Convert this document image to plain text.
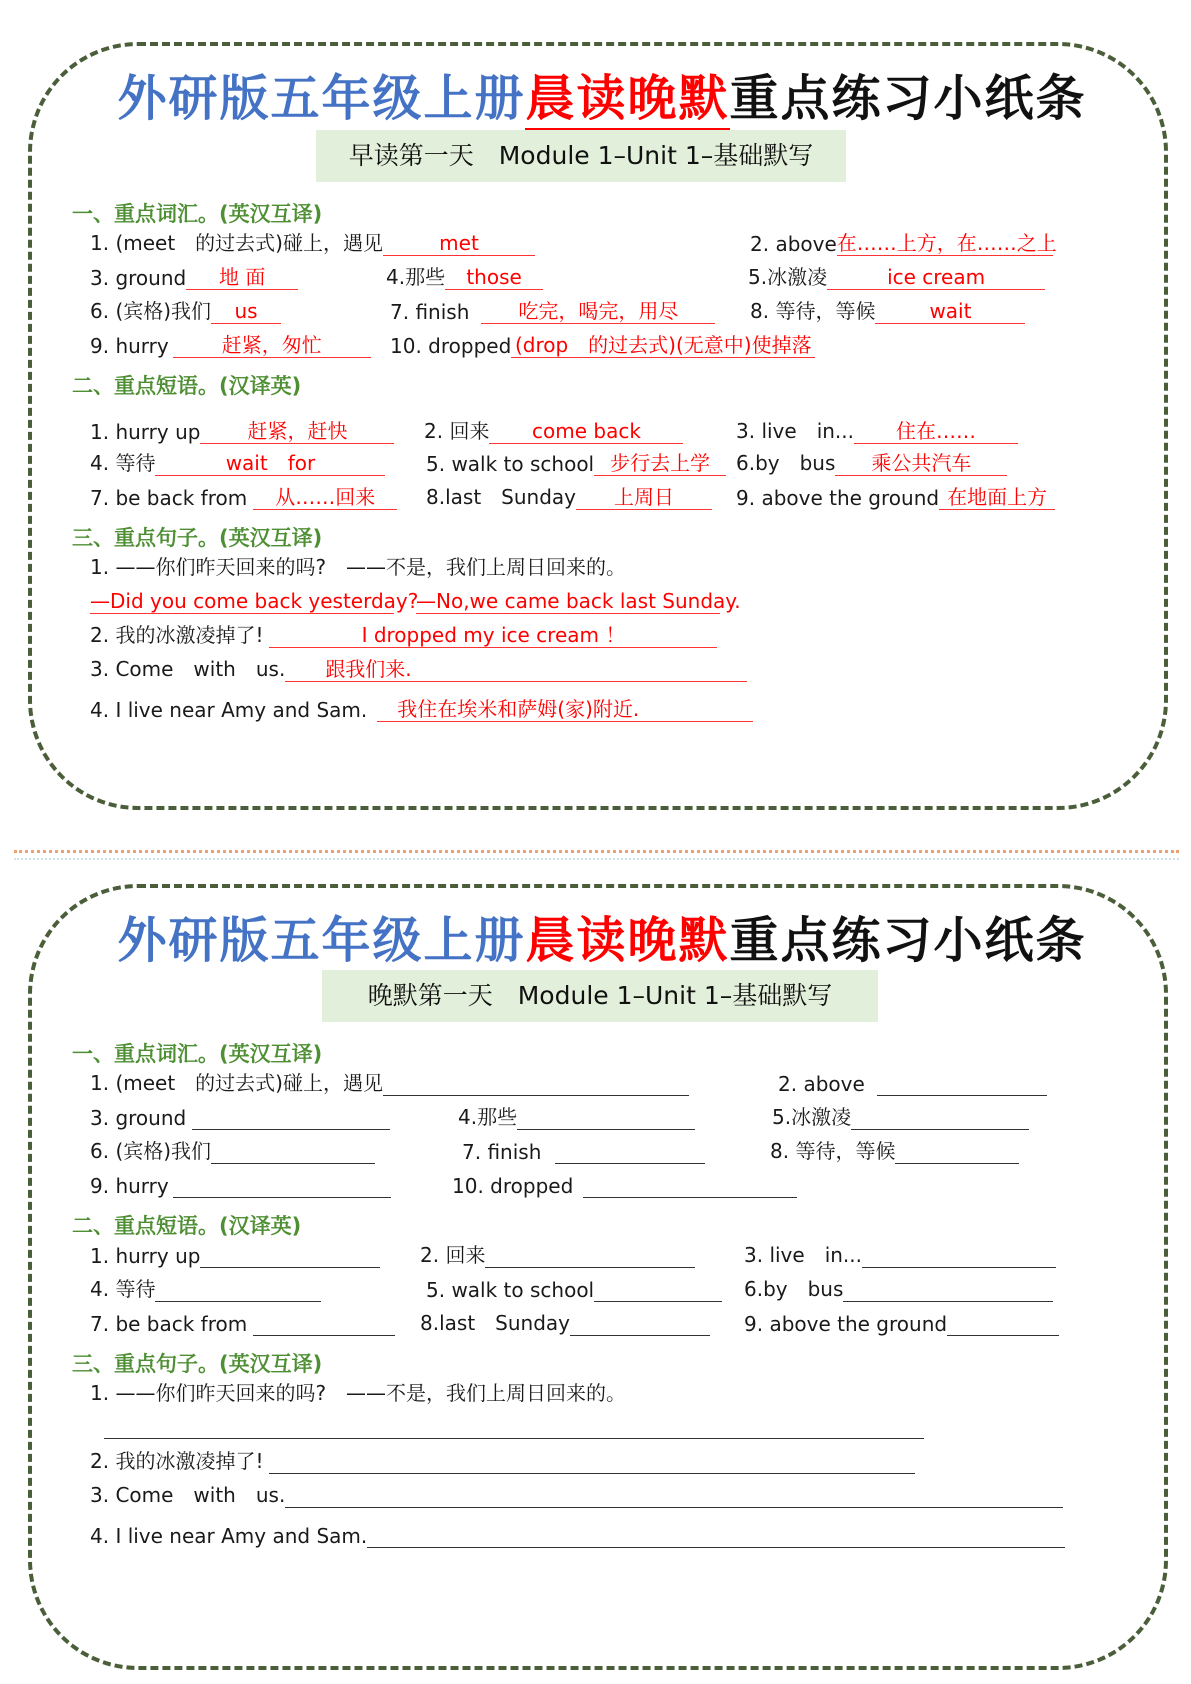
外研版五年级上册晨读晚默重点练习小纸条
早读第一天　Module 1–Unit 1–基础默写
一、重点词汇。(英汉互译)
1. (meet　的过去式)碰上，遇见	met	2. above 在……上方，在……之上
3. ground	地 面	4.那些	those	5.冰激凌	ice cream
6. (宾格)我们	us	7. finish	吃完，喝完，用尽	8. 等待，等候	wait
9. hurry	赶紧，匆忙	10. dropped (drop　的过去式)(无意中)使掉落
二、重点短语。(汉译英)
1. hurry up	赶紧，赶快	2. 回来	come back	3. live　in...	住在……
4. 等待	wait　for	5. walk to school 步行去上学	6.by　bus	乘公共汽车
7. be back from	从……回来	8.last　Sunday	上周日	9. above the ground 在地面上方
三、重点句子。(英汉互译)
1. ——你们昨天回来的吗?　——不是，我们上周日回来的。
—Did you come back yesterday?
—No,we came back last Sunday.
2. 我的冰激凌掉了!	I dropped my ice cream ！
3. Come　with　us.	跟我们来.
4. I live near Amy and Sam.	我住在埃米和萨姆(家)附近.
外研版五年级上册晨读晚默重点练习小纸条
晚默第一天　Module 1–Unit 1–基础默写
一、重点词汇。(英汉互译)
1. (meet　的过去式)碰上，遇见	2. above
3. ground	4.那些	5.冰激凌
6. (宾格)我们	7. finish	8. 等待，等候
9. hurry	10. dropped
二、重点短语。(汉译英)
1. hurry up	2. 回来	3. live　in...
4. 等待	5. walk to school	6.by　bus
7. be back from	8.last　Sunday	9. above the ground
三、重点句子。(英汉互译)
1. ——你们昨天回来的吗?　——不是，我们上周日回来的。
2. 我的冰激凌掉了!
3. Come　with　us.
4. I live near Amy and Sam.
